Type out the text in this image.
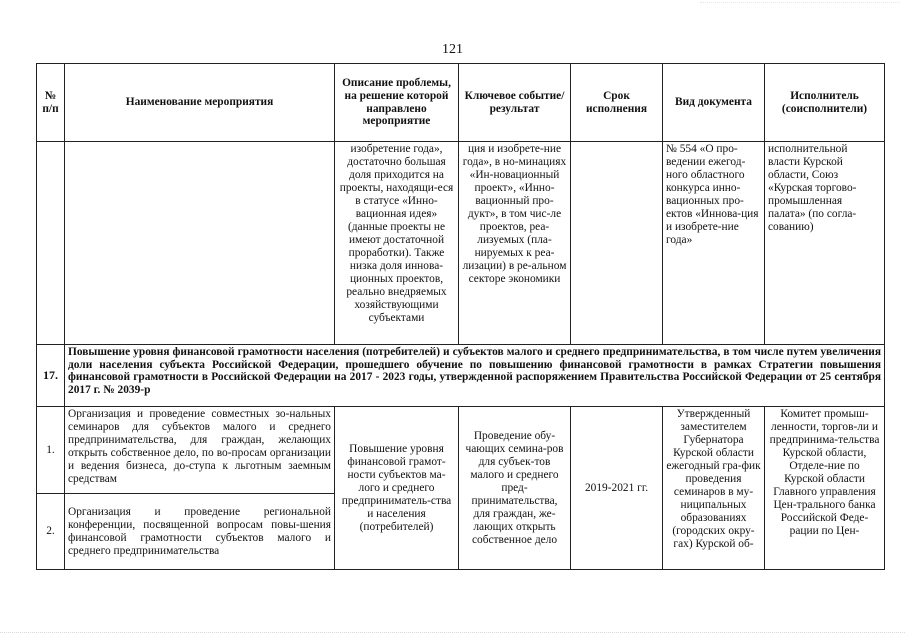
121
№ п/п	Наименование мероприятия	Описание проблемы, на решение которой направлено мероприятие	Ключевое событие/ результат	Срок исполнения	Вид документа	Исполнитель (соисполнители)
		изобретение года», достаточно большая доля приходится на проекты, находящи-еся в статусе «Инно-вационная идея» (данные проекты не имеют достаточной проработки). Также низка доля иннова-ционных проектов, реально внедряемых хозяйствующими субъектами	ция и изобрете-ние года», в но-минациях «Ин-новационный проект», «Инно-вационный про-дукт», в том чис-ле проектов, реа-лизуемых (пла-нируемых к реа-лизации) в ре-альном секторе экономики		№ 554 «О про-ведении ежегод-ного областного конкурса инно-вационных про-ектов «Иннова-ция и изобрете-ние года»	исполнительной власти Курской области, Союз «Курская торгово-промышленная палата» (по согла-сованию)
17.	Повышение уровня финансовой грамотности населения (потребителей) и субъектов малого и среднего предпринимательства, в том числе путем увеличения доли населения субъекта Российской Федерации, прошедшего обучение по повышению финансовой грамотности в рамках Стратегии повышения финансовой грамотности в Российской Федерации на 2017 - 2023 годы, утвержденной распоряжением Правительства Российской Федерации от 25 сентября 2017 г. № 2039-р					
1.	Организация и проведение совместных зо-нальных семинаров для субъектов малого и среднего предпринимательства, для граждан, желающих открыть собственное дело, по во-просам организации и ведения бизнеса, до-ступа к льготным заемным средствам	Повышение уровня финансовой грамот-ности субъектов ма-лого и среднего предприниматель-ства и населения (потребителей)	Проведение обу-чающих семина-ров для субъек-тов малого и среднего пред-принимательства, для граждан, же-лающих открыть собственное дело	2019-2021 гг.	Утвержденный заместителем Губернатора Курской области ежегодный гра-фик проведения семинаров в му-ниципальных образованиях (городских окру-гах) Курской об-	Комитет промыш-ленности, торгов-ли и предпринима-тельства Курской области, Отделе-ние по Курской области Главного управления Цен-трального банка Российской Феде-рации по Цен-
2.	Организация и проведение региональной конференции, посвященной вопросам повы-шения финансовой грамотности субъектов малого и среднего предпринимательства					
